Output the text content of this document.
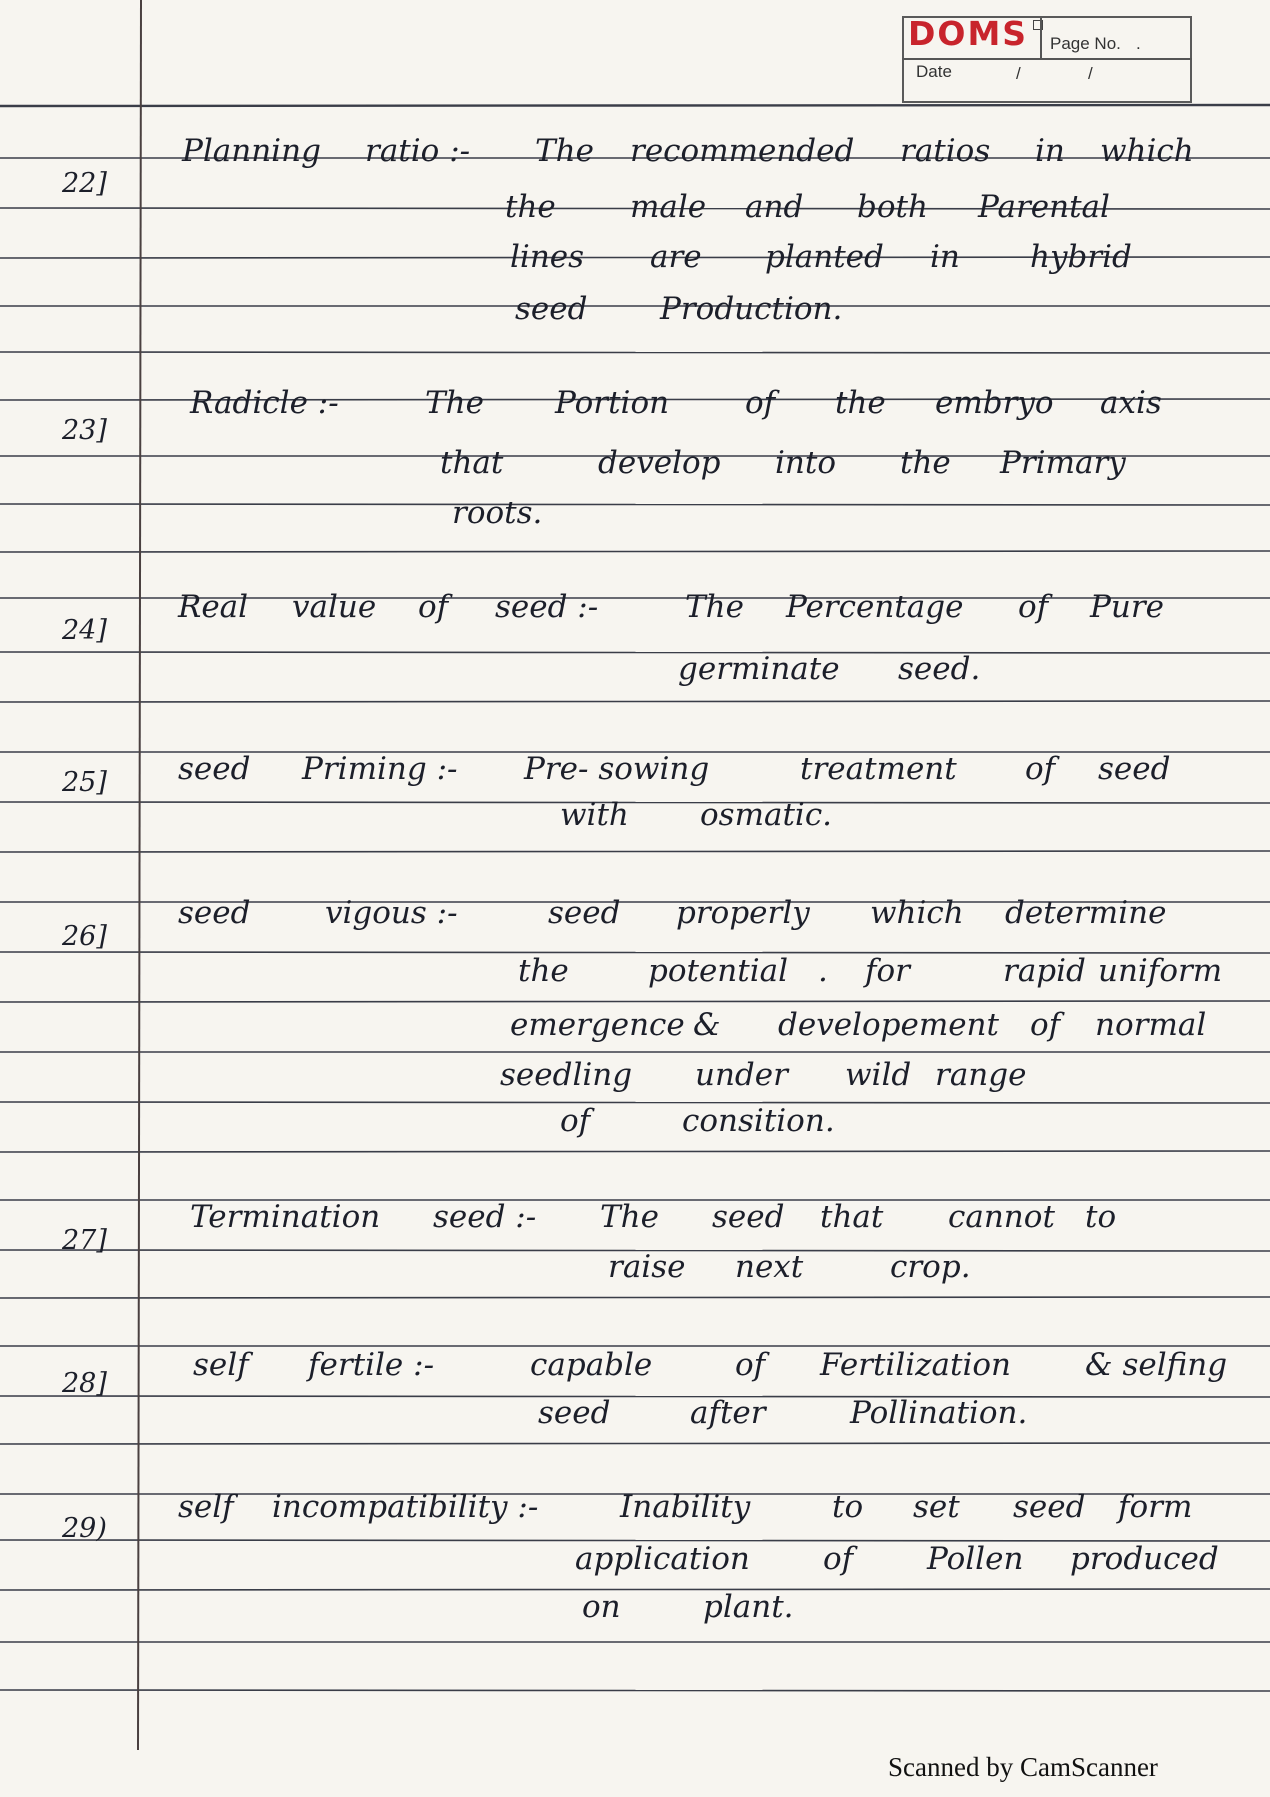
DOMS Page No. .
Date	/	/
22]
Planning ratio :- The recommended ratios in which
the male and both Parental
lines are planted in hybrid
seed Production.
23]
Radicle :-	The Portion of the embryo axis
that	develop into the Primary
roots.
24]
Real value of seed :-	The Percentage of Pure
germinate seed.
25] seed Priming :- Pre- sowing	treatment of seed
with osmatic.
26]
seed vigous :-	seed properly which determine
the	potential . for	rapid uniform
emergence & developement of normal
seedling under wild range
of	consition.
27]
Termination seed :- The seed that cannot to
raise next	crop.
28]
self fertile :-	capable	of Fertilization & selfing
seed	after	Pollination.
29)
self incompatibility :-	Inability	to set seed form
application of Pollen produced
on	plant.
Scanned by CamScanner
